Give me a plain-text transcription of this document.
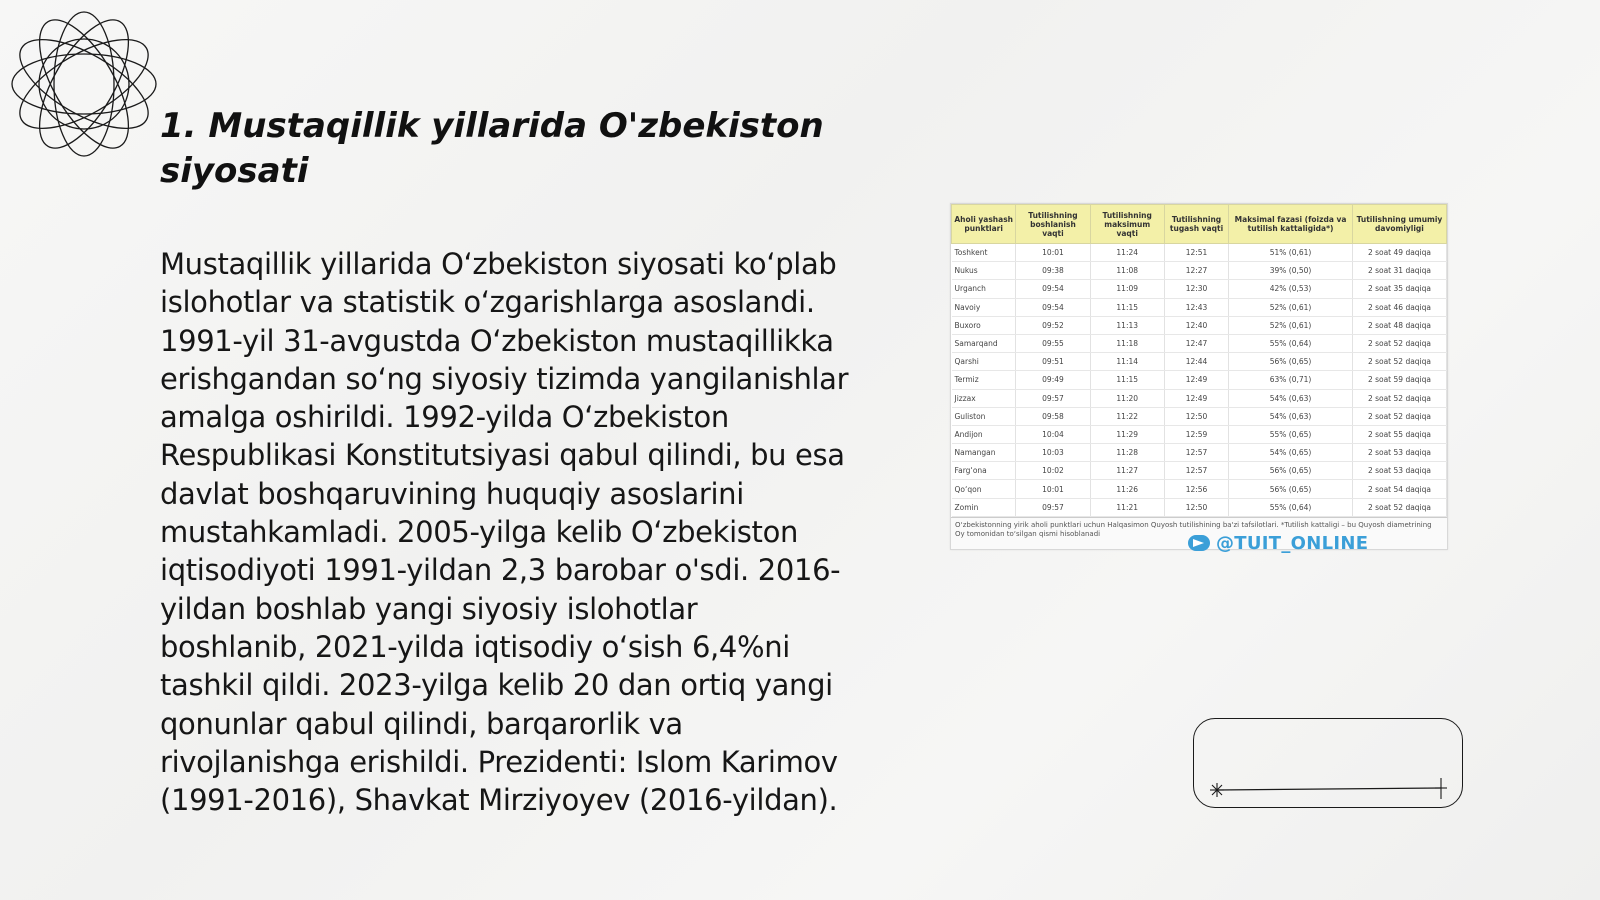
1. Mustaqillik yillarida O'zbekiston siyosati

Mustaqillik yillarida O‘zbekiston siyosati ko‘plab islohotlar va statistik o‘zgarishlarga asoslandi. 1991-yil 31-avgustda O‘zbekiston mustaqillikka erishgandan so‘ng siyosiy tizimda yangilanishlar amalga oshirildi. 1992-yilda O‘zbekiston Respublikasi Konstitutsiyasi qabul qilindi, bu esa davlat boshqaruvining huquqiy asoslarini mustahkamladi. 2005-yilga kelib O‘zbekiston iqtisodiyoti 1991-yildan 2,3 barobar o'sdi. 2016-yildan boshlab yangi siyosiy islohotlar boshlanib, 2021-yilda iqtisodiy o‘sish 6,4%ni tashkil qildi. 2023-yilga kelib 20 dan ortiq yangi qonunlar qabul qilindi, barqarorlik va rivojlanishga erishildi. Prezidenti: Islom Karimov (1991-2016), Shavkat Mirziyoyev (2016-yildan).

Aholi yashash punktlari	Tutilishning boshlanish vaqti	Tutilishning maksimum vaqti	Tutilishning tugash vaqti	Maksimal fazasi (foizda va tutilish kattaligida*)	Tutilishning umumiy davomiyligi
Toshkent	10:01	11:24	12:51	51% (0,61)	2 soat 49 daqiqa
Nukus	09:38	11:08	12:27	39% (0,50)	2 soat 31 daqiqa
Urganch	09:54	11:09	12:30	42% (0,53)	2 soat 35 daqiqa
Navoiy	09:54	11:15	12:43	52% (0,61)	2 soat 46 daqiqa
Buxoro	09:52	11:13	12:40	52% (0,61)	2 soat 48 daqiqa
Samarqand	09:55	11:18	12:47	55% (0,64)	2 soat 52 daqiqa
Qarshi	09:51	11:14	12:44	56% (0,65)	2 soat 52 daqiqa
Termiz	09:49	11:15	12:49	63% (0,71)	2 soat 59 daqiqa
Jizzax	09:57	11:20	12:49	54% (0,63)	2 soat 52 daqiqa
Guliston	09:58	11:22	12:50	54% (0,63)	2 soat 52 daqiqa
Andijon	10:04	11:29	12:59	55% (0,65)	2 soat 55 daqiqa
Namangan	10:03	11:28	12:57	54% (0,65)	2 soat 53 daqiqa
Farg‘ona	10:02	11:27	12:57	56% (0,65)	2 soat 53 daqiqa
Qo‘qon	10:01	11:26	12:56	56% (0,65)	2 soat 54 daqiqa
Zomin	09:57	11:21	12:50	55% (0,64)	2 soat 52 daqiqa
O‘zbekistonning yirik aholi punktlari uchun Halqasimon Quyosh tutilishining ba'zi tafsilotlari. *Tutilish kattaligi – bu Quyosh diametrining Oy tomonidan to‘silgan qismi hisoblanadi	@TUIT_ONLINE
